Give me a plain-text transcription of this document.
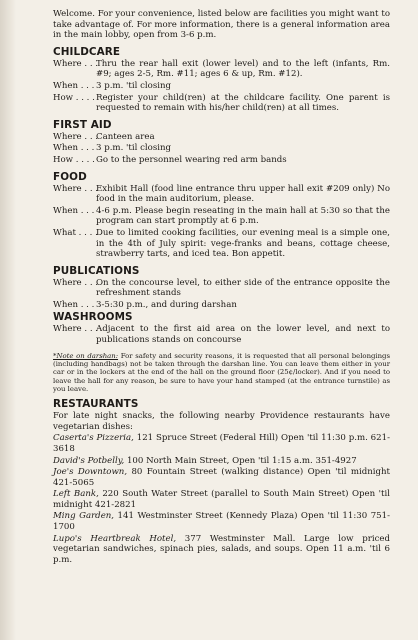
Welcome. For your convenience, listed below are facilities you might want to take advantage of. For more information, there is a general information area in the main lobby, open from 3-6 p.m.

CHILDCARE
Where . . .
Thru the rear hall exit (lower level) and to the left (infants, Rm. #9; ages 2-5, Rm. #11; ages 6 & up, Rm. #12).
When . . . 3 p.m. 'til closing
How . . . . Register your child(ren) at the childcare facility. One parent is requested to remain with his/her child(ren) at all times.
FIRST AID
Where . . .
Canteen area
When . . . 3 p.m. 'til closing
How . . . . Go to the personnel wearing red arm bands
FOOD
Where . . .
Exhibit Hall (food line entrance thru upper hall exit #209 only) No food in the main auditorium, please.
When . . . 4-6 p.m. Please begin reseating in the main hall at 5:30 so that the program can start promptly at 6 p.m.
What . . . .
Due to limited cooking facilities, our evening meal is a simple one, in the 4th of July spirit: vege-franks and beans, cottage cheese, strawberry tarts, and iced tea. Bon appetit.
PUBLICATIONS
Where . . .
On the concourse level, to either side of the entrance opposite the refreshment stands
When . . . 3-5:30 p.m., and during darshan
WASHROOMS
Where . . .
Adjacent to the first aid area on the lower level, and next to publications stands on concourse

*Note on darshan: For safety and security reasons, it is requested that all personal belongings (including handbags) not be taken through the darshan line. You can leave them either in your car or in the lockers at the end of the hall on the ground floor (25¢/locker). And if you need to leave the hall for any reason, be sure to have your hand stamped (at the entrance turnstile) as you leave.

RESTAURANTS

For late night snacks, the following nearby Providence restaurants have vegetarian dishes:

Caserta's Pizzeria, 121 Spruce Street (Federal Hill) Open 'til 11:30 p.m. 621-3618

David's Potbelly, 100 North Main Street, Open 'til 1:15 a.m. 351-4927

Joe's Downtown, 80 Fountain Street (walking distance) Open 'til midnight 421-5065

Left Bank, 220 South Water Street (parallel to South Main Street) Open 'til midnight 421-2821

Ming Garden, 141 Westminster Street (Kennedy Plaza) Open 'til 11:30 751-1700

Lupo's Heartbreak Hotel, 377 Westminster Mall. Large low priced vegetarian sandwiches, spinach pies, salads, and soups. Open 11 a.m. 'til 6 p.m.
